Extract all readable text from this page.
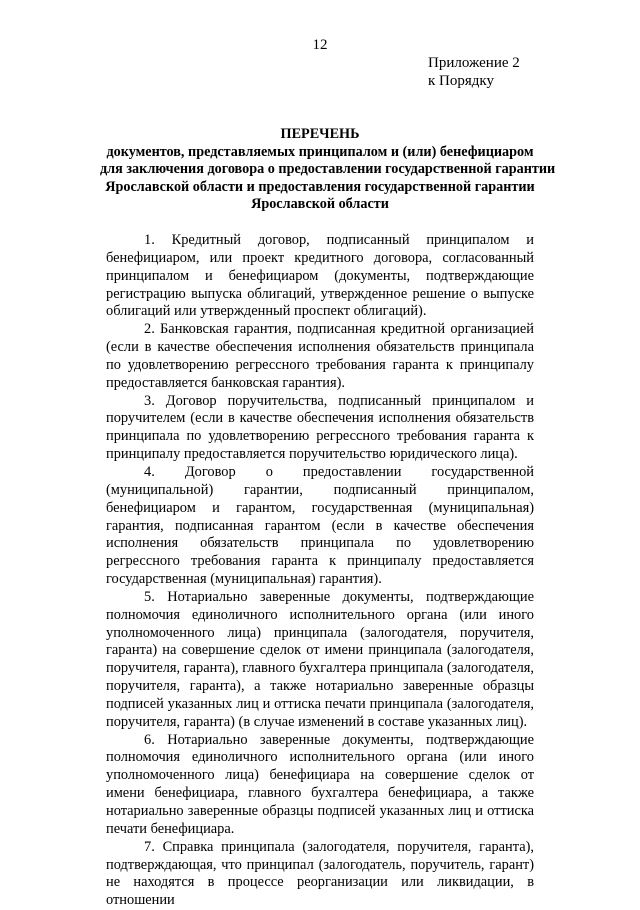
12
Приложение 2
к Порядку
ПЕРЕЧЕНЬ
документов, представляемых принципалом и (или) бенефициаром
для заключения договора о предоставлении государственной гарантии
Ярославской области и предоставления государственной гарантии
Ярославской области

1. Кредитный договор, подписанный принципалом и бенефициаром, или проект кредитного договора, согласованный принципалом и бенефициаром (документы, подтверждающие регистрацию выпуска облигаций, утвержденное решение о выпуске облигаций или утвержденный проспект облигаций).

2. Банковская гарантия, подписанная кредитной организацией (если в качестве обеспечения исполнения обязательств принципала по удовлетворению регрессного требования гаранта к принципалу предоставляется банковская гарантия).

3. Договор поручительства, подписанный принципалом и поручителем (если в качестве обеспечения исполнения обязательств принципала по удовлетворению регрессного требования гаранта к принципалу предоставляется поручительство юридического лица).

4. Договор о предоставлении государственной (муниципальной) гарантии, подписанный принципалом, бенефициаром и гарантом, государственная (муниципальная) гарантия, подписанная гарантом (если в качестве обеспечения исполнения обязательств принципала по удовлетворению регрессного требования гаранта к принципалу предоставляется государственная (муниципальная) гарантия).

5. Нотариально заверенные документы, подтверждающие полномочия единоличного исполнительного органа (или иного уполномоченного лица) принципала (залогодателя, поручителя, гаранта) на совершение сделок от имени принципала (залогодателя, поручителя, гаранта), главного бухгалтера принципала (залогодателя, поручителя, гаранта), а также нотариально заверенные образцы подписей указанных лиц и оттиска печати принципала (залогодателя, поручителя, гаранта) (в случае изменений в составе указанных лиц).

6. Нотариально заверенные документы, подтверждающие полномочия единоличного исполнительного органа (или иного уполномоченного лица) бенефициара на совершение сделок от имени бенефициара, главного бухгалтера бенефициара, а также нотариально заверенные образцы подписей указанных лиц и оттиска печати бенефициара.

7. Справка принципала (залогодателя, поручителя, гаранта), подтверждающая, что принципал (залогодатель, поручитель, гарант) не находятся в процессе реорганизации или ликвидации, в отношении
